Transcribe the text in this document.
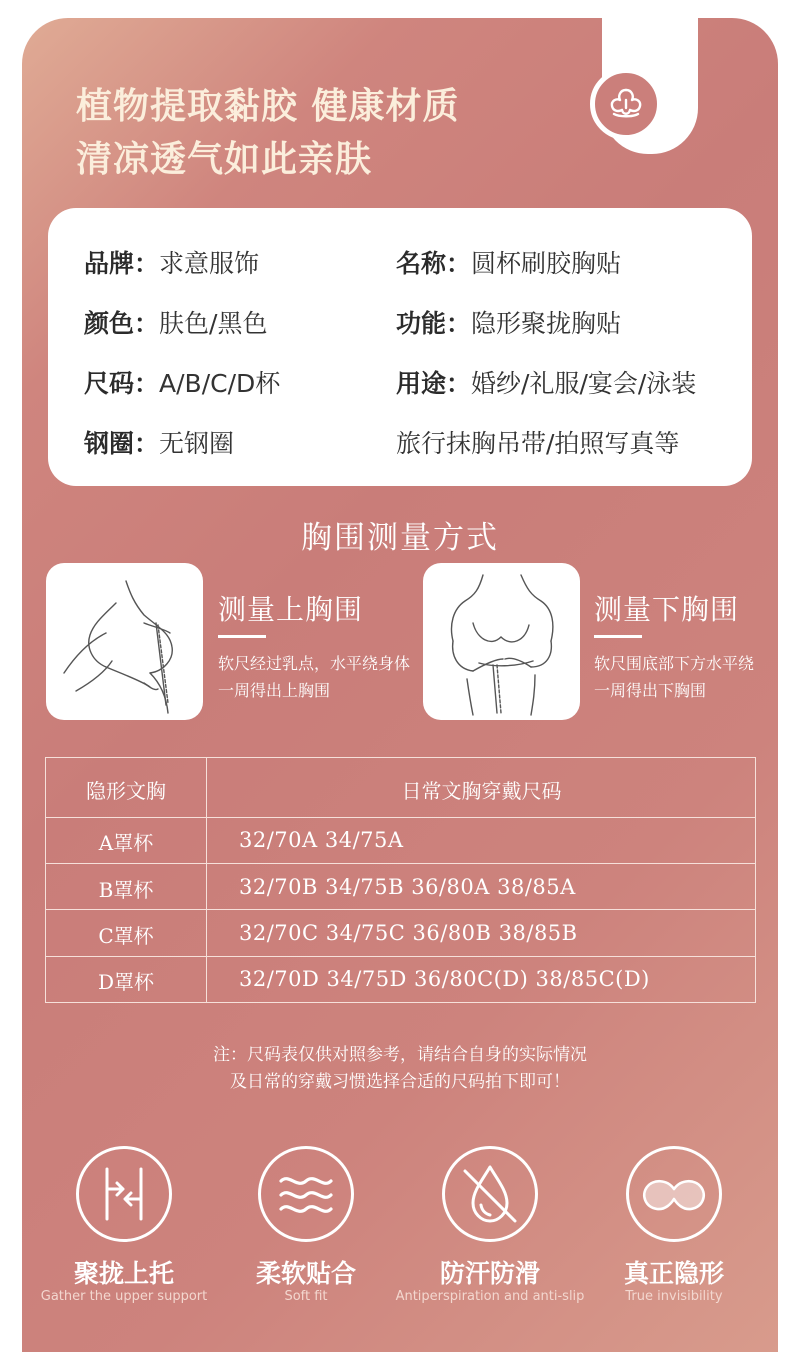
植物提取黏胶 健康材质
清凉透气如此亲肤
品牌：求意服饰
颜色：肤色/黑色
尺码：A/B/C/D杯
钢圈：无钢圈
名称：圆杯刷胶胸贴
功能：隐形聚拢胸贴
用途：婚纱/礼服/宴会/泳装
旅行抹胸吊带/拍照写真等
胸围测量方式
测量上胸围
软尺经过乳点，水平绕身体一周得出上胸围
测量下胸围
软尺围底部下方水平绕一周得出下胸围
隐形文胸	日常文胸穿戴尺码
A罩杯	32/70A 34/75A
B罩杯	32/70B 34/75B 36/80A 38/85A
C罩杯	32/70C 34/75C 36/80B 38/85B
D罩杯	32/70D 34/75D 36/80C(D) 38/85C(D)
注：尺码表仅供对照参考，请结合自身的实际情况
及日常的穿戴习惯选择合适的尺码拍下即可！
聚拢上托
Gather the upper support
柔软贴合
Soft fit
防汗防滑
Antiperspiration and anti-slip
真正隐形
True invisibility
